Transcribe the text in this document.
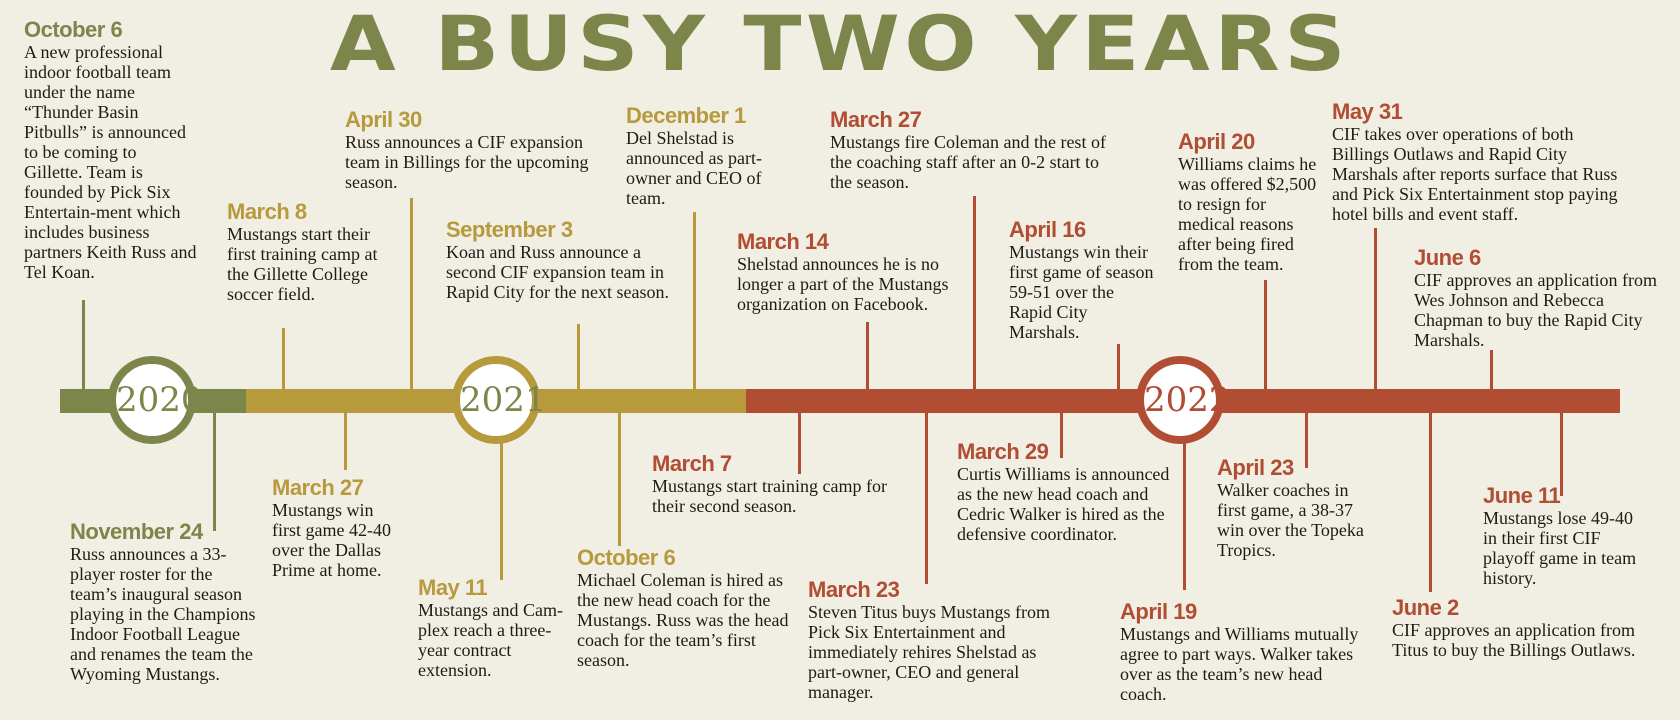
A BUSY TWO YEARS
2020	2021	2022
October 6
A new professional indoor football team under the name “Thunder Basin Pitbulls” is announced to be coming to Gillette. Team is founded by Pick Six Entertain-ment which includes business partners Keith Russ and Tel Koan.
November 24
Russ announces a 33-player roster for the team’s inaugural season playing in the Champions Indoor Football League and renames the team the Wyoming Mustangs.
March 8
Mustangs start their first training camp at the Gillette College soccer field.
March 27
Mustangs win first game 42-40 over the Dallas Prime at home.
April 30
Russ announces a CIF expansion team in Billings for the upcoming season.
May 11
Mustangs and Cam-plex reach a three-year contract extension.
September 3
Koan and Russ announce a second CIF expansion team in Rapid City for the next season.
October 6
Michael Coleman is hired as the new head coach for the Mustangs. Russ was the head coach for the team’s first season.
December 1
Del Shelstad is announced as part-owner and CEO of team.
March 7
Mustangs start training camp for their second season.
March 14
Shelstad announces he is no longer a part of the Mustangs organization on Facebook.
March 23
Steven Titus buys Mustangs from Pick Six Entertainment and immediately rehires Shelstad as part-owner, CEO and general manager.
March 27
Mustangs fire Coleman and the rest of the coaching staff after an 0-2 start to the season.
March 29
Curtis Williams is announced as the new head coach and Cedric Walker is hired as the defensive coordinator.
April 16
Mustangs win their first game of season 59-51 over the Rapid City Marshals.
April 19
Mustangs and Williams mutually agree to part ways. Walker takes over as the team’s new head coach.
April 20
Williams claims he was offered $2,500 to resign for medical reasons after being fired from the team.
April 23
Walker coaches in first game, a 38-37 win over the Topeka Tropics.
May 31
CIF takes over operations of both Billings Outlaws and Rapid City Marshals after reports surface that Russ and Pick Six Entertainment stop paying hotel bills and event staff.
June 2
CIF approves an application from Titus to buy the Billings Outlaws.
June 6
CIF approves an application from Wes Johnson and Rebecca Chapman to buy the Rapid City Marshals.
June 11
Mustangs lose 49-40 in their first CIF playoff game in team history.
